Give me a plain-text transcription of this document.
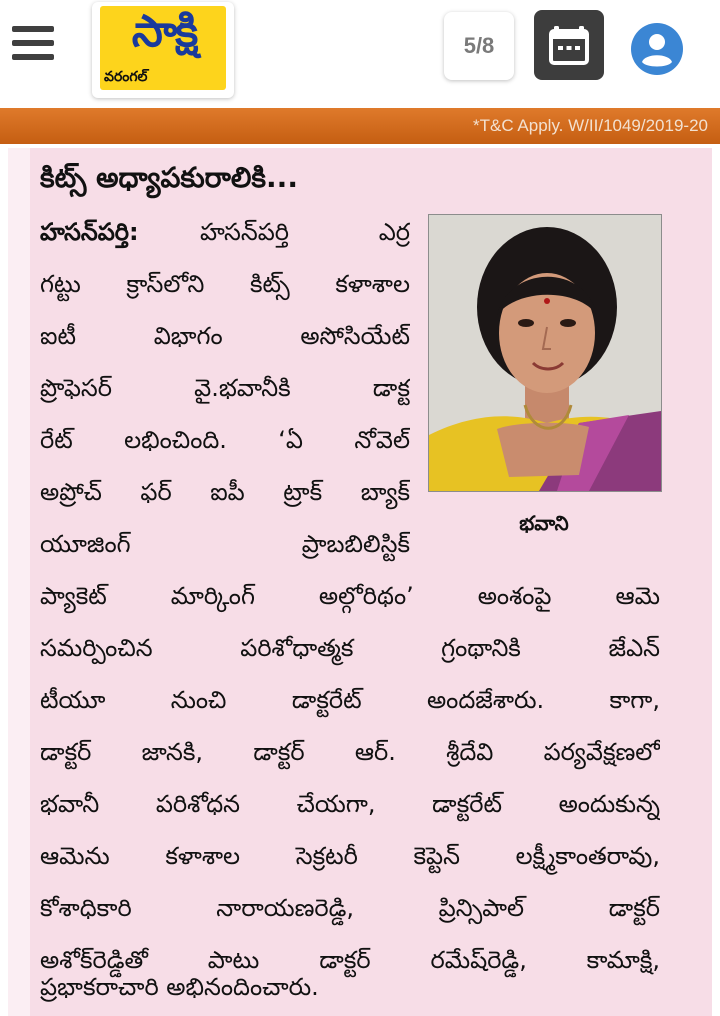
సాక్షి
వరంగల్
5/8
*T&C Apply. W/II/1049/2019-20
కిట్స్ అధ్యాపకురాలికి...
భవాని
హసన్‌పర్తి:	హసన్‌పర్తి ఎర్ర
గట్టు క్రాస్‌లోని కిట్స్ కళాశాల
ఐటీ విభాగం అసోసియేట్
ప్రొఫెసర్ వై.భవానీకి డాక్ట
రేట్ లభించింది. ‘ఏ నోవెల్
అప్రోచ్ ఫర్ ఐపీ ట్రాక్ బ్యాక్
యూజింగ్ ప్రాబబిలిస్టిక్
ప్యాకెట్ మార్కింగ్ అల్గోరిథం’ అంశంపై ఆమె
సమర్పించిన పరిశోధాత్మక గ్రంథానికి జేఎన్
టీయూ నుంచి డాక్టరేట్ అందజేశారు. కాగా,
డాక్టర్ జానకి, డాక్టర్ ఆర్. శ్రీదేవి పర్యవేక్షణలో
భవానీ పరిశోధన చేయగా, డాక్టరేట్ అందుకున్న
ఆమెను కళాశాల సెక్రటరీ కెప్టెన్ లక్ష్మీకాంతరావు,
కోశాధికారి నారాయణరెడ్డి, ప్రిన్సిపాల్ డాక్టర్
అశోక్‌రెడ్డితో పాటు డాక్టర్ రమేష్‌రెడ్డి, కామాక్షి,
ప్రభాకరాచారి అభినందించారు.
